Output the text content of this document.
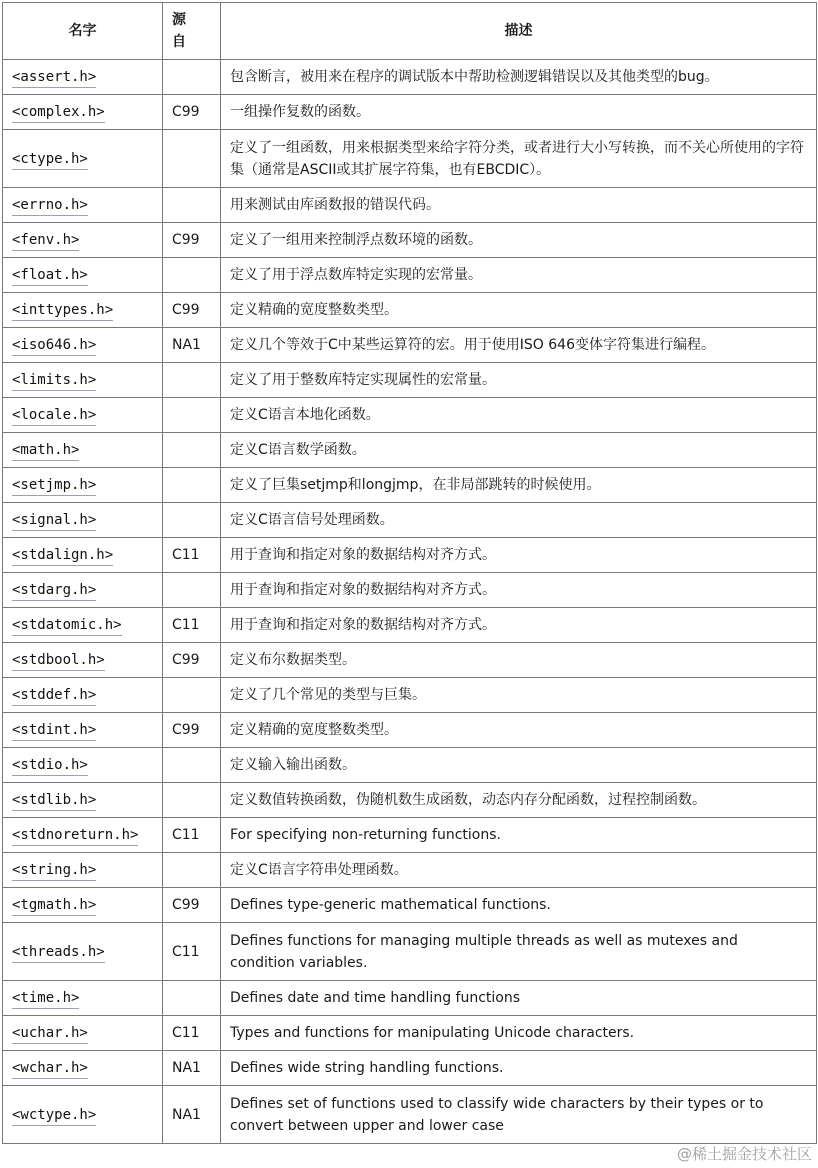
名字	源自	描述
<assert.h>		包含断言，被用来在程序的调试版本中帮助检测逻辑错误以及其他类型的bug。
<complex.h>	C99	一组操作复数的函数。
<ctype.h>		定义了一组函数，用来根据类型来给字符分类，或者进行大小写转换，而不关心所使用的字符集（通常是ASCII或其扩展字符集，也有EBCDIC）。
<errno.h>		用来测试由库函数报的错误代码。
<fenv.h>	C99	定义了一组用来控制浮点数环境的函数。
<float.h>		定义了用于浮点数库特定实现的宏常量。
<inttypes.h>	C99	定义精确的宽度整数类型。
<iso646.h>	NA1	定义几个等效于C中某些运算符的宏。用于使用ISO 646变体字符集进行编程。
<limits.h>		定义了用于整数库特定实现属性的宏常量。
<locale.h>		定义C语言本地化函数。
<math.h>		定义C语言数学函数。
<setjmp.h>		定义了巨集setjmp和longjmp，在非局部跳转的时候使用。
<signal.h>		定义C语言信号处理函数。
<stdalign.h>	C11	用于查询和指定对象的数据结构对齐方式。
<stdarg.h>		用于查询和指定对象的数据结构对齐方式。
<stdatomic.h>	C11	用于查询和指定对象的数据结构对齐方式。
<stdbool.h>	C99	定义布尔数据类型。
<stddef.h>		定义了几个常见的类型与巨集。
<stdint.h>	C99	定义精确的宽度整数类型。
<stdio.h>		定义输入输出函数。
<stdlib.h>		定义数值转换函数，伪随机数生成函数，动态内存分配函数，过程控制函数。
<stdnoreturn.h>	C11	For specifying non-returning functions.
<string.h>		定义C语言字符串处理函数。
<tgmath.h>	C99	Defines type-generic mathematical functions.
<threads.h>	C11	Defines functions for managing multiple threads as well as mutexes and condition variables.
<time.h>		Defines date and time handling functions
<uchar.h>	C11	Types and functions for manipulating Unicode characters.
<wchar.h>	NA1	Defines wide string handling functions.
<wctype.h>	NA1	Defines set of functions used to classify wide characters by their types or to convert between upper and lower case
@稀土掘金技术社区
